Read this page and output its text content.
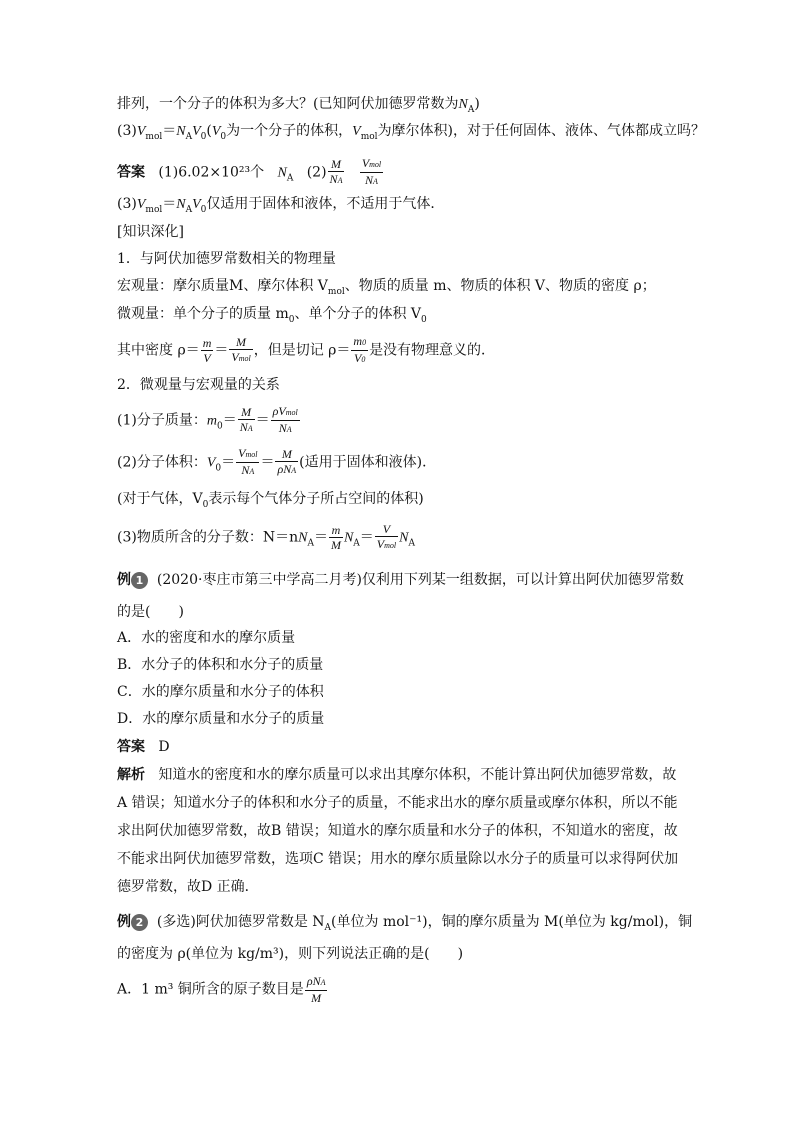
排列，一个分子的体积为多大？(已知阿伏加德罗常数为$N_A$)
$(3)V_{mol}=N_AV_0(V_0$为一个分子的体积，$V_{mol}$为摩尔体积)，对于任何固体、液体、气体都成立吗？
答案 (1)6.02×10²³个 $N_A$ $(2) \frac{M}{NA}$
$\frac{\text{Vmol}}{NA}$
$(3)V_{mol}=N_AV_0$仅适用于固体和液体，不适用于气体．
[知识深化]
1．与阿伏加德罗常数相关的物理量
宏观量：摩尔质量M、摩尔体积 $V_{mol}$、物质的质量 m、物质的体积 V、物质的密度 ρ；
微观量：单个分子的质量 $m_0$、单个分子的体积 $V_0$
其中密度 $\rho= \frac{m}{V} = \frac{M}{\text{Vmol}}$ ，但是切记 $\rho= \frac{m0}{V0}$ 是没有物理意义的．
2．微观量与宏观量的关系
(1)分子质量：$m_0= \frac{M}{NA} = \frac{\text{ρVmol}}{NA}$
(2)分子体积：$V_0= \frac{\text{Vmol}}{NA} = \frac{M}{\text{ρNA}}$ (适用于固体和液体)．
(对于气体，$V_0$表示每个气体分子所占空间的体积)
(3)物质所含的分子数：$N=nN_A= \frac{m}{M} N_A= \frac{V}{\text{Vmol}} N_A$
例 1 (2020·枣庄市第三中学高二月考)仅利用下列某一组数据，可以计算出阿伏加德罗常数
的是(　　)
A．水的密度和水的摩尔质量
B．水分子的体积和水分子的质量
C．水的摩尔质量和水分子的体积
D．水的摩尔质量和水分子的质量
答案 D
解析 知道水的密度和水的摩尔质量可以求出其摩尔体积，不能计算出阿伏加德罗常数，故
A 错误；知道水分子的体积和水分子的质量，不能求出水的摩尔质量或摩尔体积，所以不能
求出阿伏加德罗常数，故B 错误；知道水的摩尔质量和水分子的体积，不知道水的密度，故
不能求出阿伏加德罗常数，选项C 错误；用水的摩尔质量除以水分子的质量可以求得阿伏加
德罗常数，故D 正确．
例 2 (多选)阿伏加德罗常数是 $N_A$(单位为 mol⁻¹)，铜的摩尔质量为 M(单位为 kg/mol)，铜
的密度为 ρ(单位为 kg/m³)，则下列说法正确的是(　　)
A．1 m³ 铜所含的原子数目是 $\frac{\text{ρNA}}{M}$
